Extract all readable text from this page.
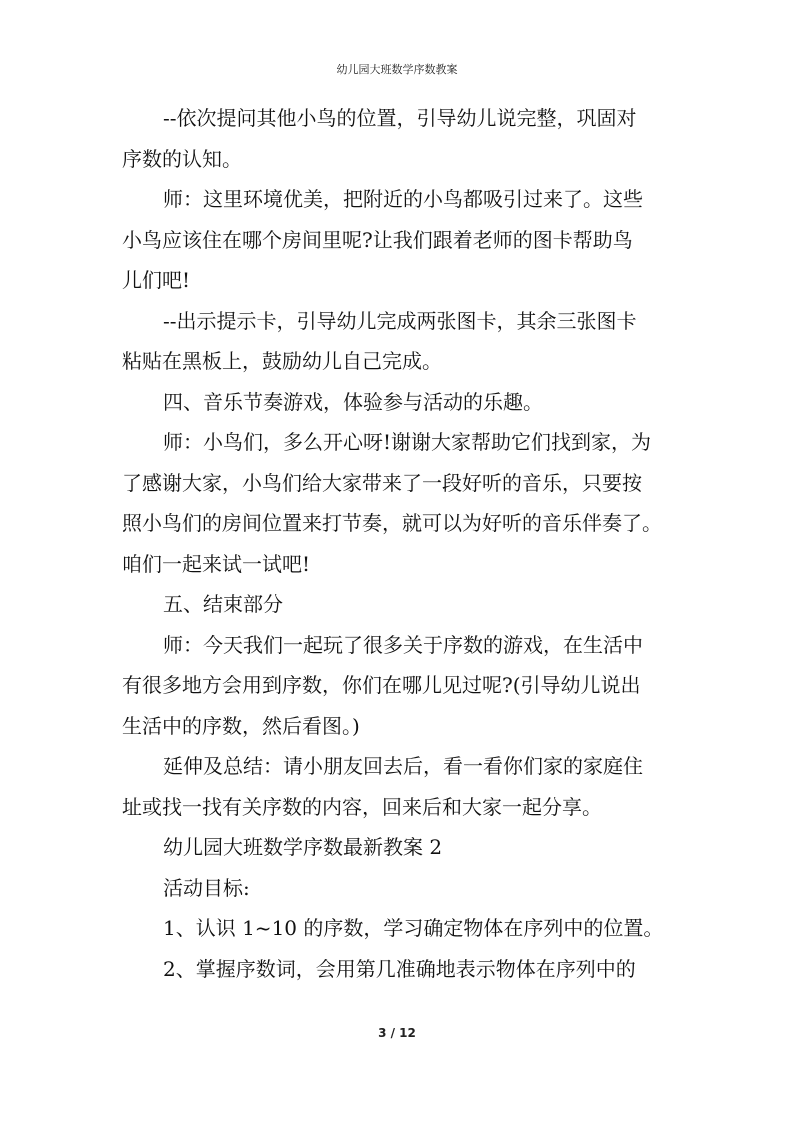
幼儿园大班数学序数教案

--依次提问其他小鸟的位置，引导幼儿说完整，巩固对

序数的认知。

师：这里环境优美，把附近的小鸟都吸引过来了。这些

小鸟应该住在哪个房间里呢?让我们跟着老师的图卡帮助鸟

儿们吧!

--出示提示卡，引导幼儿完成两张图卡，其余三张图卡

粘贴在黑板上，鼓励幼儿自己完成。

四、音乐节奏游戏，体验参与活动的乐趣。

师：小鸟们，多么开心呀!谢谢大家帮助它们找到家，为

了感谢大家，小鸟们给大家带来了一段好听的音乐，只要按

照小鸟们的房间位置来打节奏，就可以为好听的音乐伴奏了。

咱们一起来试一试吧!

五、结束部分

师：今天我们一起玩了很多关于序数的游戏，在生活中

有很多地方会用到序数，你们在哪儿见过呢?(引导幼儿说出

生活中的序数，然后看图。)

延伸及总结：请小朋友回去后，看一看你们家的家庭住

址或找一找有关序数的内容，回来后和大家一起分享。

幼儿园大班数学序数最新教案 2

活动目标:

1、认识 1~10 的序数，学习确定物体在序列中的位置。

2、掌握序数词，会用第几准确地表示物体在序列中的

3 / 12
